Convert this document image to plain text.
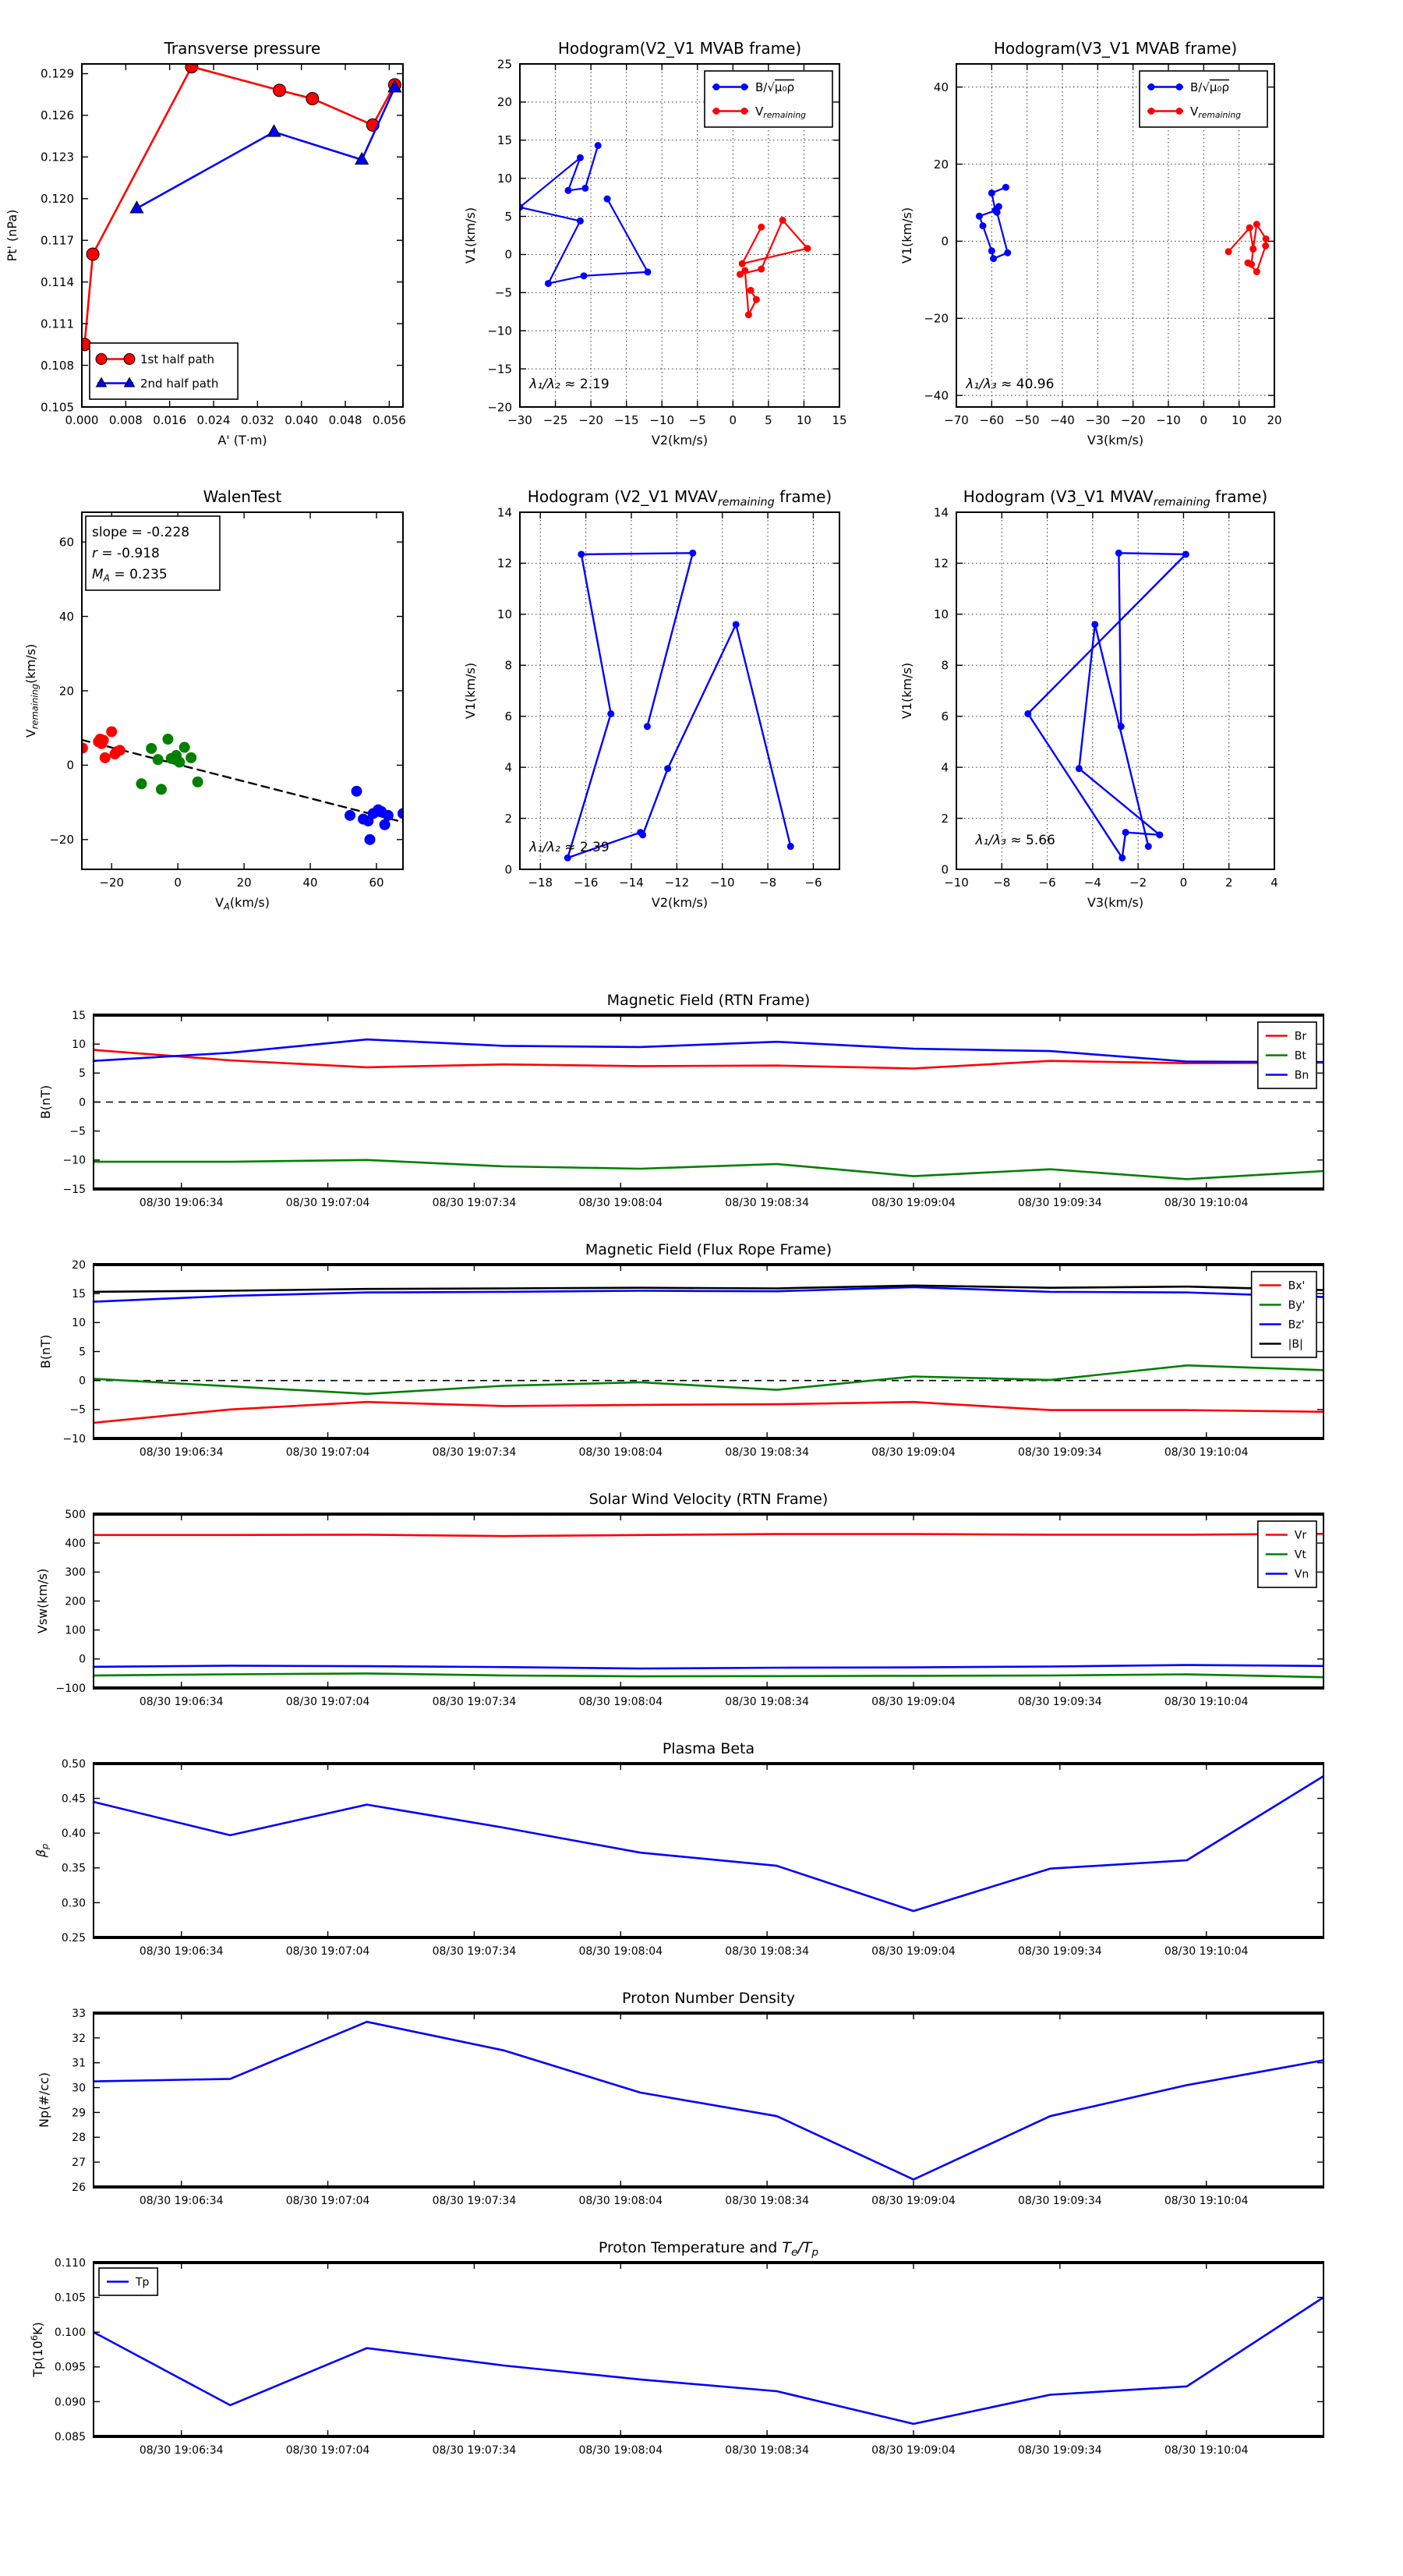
0.000 0.008 0.016 0.024 0.032 0.040 0.048 0.056
0.105
0.108
0.111
0.114
0.117
0.120
0.123
0.126
0.129
Transverse pressure
A' (T·m)
Pt' (nPa)
1st half path
2nd half path
−30 −25 −20 −15 −10 −5 0 5 10 15
−20
−15
−10
−5
0
5
10
15
20
25
Hodogram(V2_V1 MVAB frame)
V2(km/s)
V1(km/s)
λ₁/λ₂ ≈ 2.19
B/√μ₀ρ
$V_{remaining}$
−70 −60 −50 −40 −30 −20 −10 0 10 20
−40
−20
0
20
40
Hodogram(V3_V1 MVAB frame)
V3(km/s)
V1(km/s)
λ₁/λ₃ ≈ 40.96
B/√μ₀ρ
$V_{remaining}$
−20	0	20	40	60
−20
0
20
40
60
WalenTest
$V_A(km/s)$
$V_{remaining}(km/s)$
slope = -0.228
r = -0.918
$M_A = 0.235$
−18 −16 −14 −12 −10 −8 −6
0
2
4
6
8
10
12
14
Hodogram (V2_V1 $MVAV_{remaining}$ frame)
V2(km/s)
V1(km/s)
λ₁/λ₂ ≈ 2.39
−10 −8 −6 −4 −2	0	2	4
0
2
4
6
8
10
12
14
Hodogram (V3_V1 $MVAV_{remaining}$ frame)
V3(km/s)
V1(km/s)
λ₁/λ₃ ≈ 5.66
08/30 19:06:34	08/30 19:07:04	08/30 19:07:34	08/30 19:08:04	08/30 19:08:34	08/30 19:09:04	08/30 19:09:34	08/30 19:10:04
−15
−10
−5
0
5
10
15
Magnetic Field (RTN Frame)
B(nT)
Br
Bt
Bn
08/30 19:06:34	08/30 19:07:04	08/30 19:07:34	08/30 19:08:04	08/30 19:08:34	08/30 19:09:04	08/30 19:09:34	08/30 19:10:04
−10
−5
0
5
10
15
20
Magnetic Field (Flux Rope Frame)
B(nT)
Bx'
By'
Bz'
|B|
08/30 19:06:34	08/30 19:07:04	08/30 19:07:34	08/30 19:08:04	08/30 19:08:34	08/30 19:09:04	08/30 19:09:34	08/30 19:10:04
−100
0
100
200
300
400
500
Solar Wind Velocity (RTN Frame)
Vsw(km/s)
Vr
Vt
Vn
08/30 19:06:34	08/30 19:07:04	08/30 19:07:34	08/30 19:08:04	08/30 19:08:34	08/30 19:09:04	08/30 19:09:34	08/30 19:10:04
0.25
0.30
0.35
0.40
0.45
0.50
Plasma Beta
$\beta_p$
08/30 19:06:34	08/30 19:07:04	08/30 19:07:34	08/30 19:08:04	08/30 19:08:34	08/30 19:09:04	08/30 19:09:34	08/30 19:10:04
26
27
28
29
30
31
32
33
Proton Number Density
Np(#/cc)
08/30 19:06:34	08/30 19:07:04	08/30 19:07:34	08/30 19:08:04	08/30 19:08:34	08/30 19:09:04	08/30 19:09:34	08/30 19:10:04
0.085
0.090
0.095
0.100
0.105
0.110
Proton Temperature and $T_e/T_p$
$Tp(10^6K)$
Tp
